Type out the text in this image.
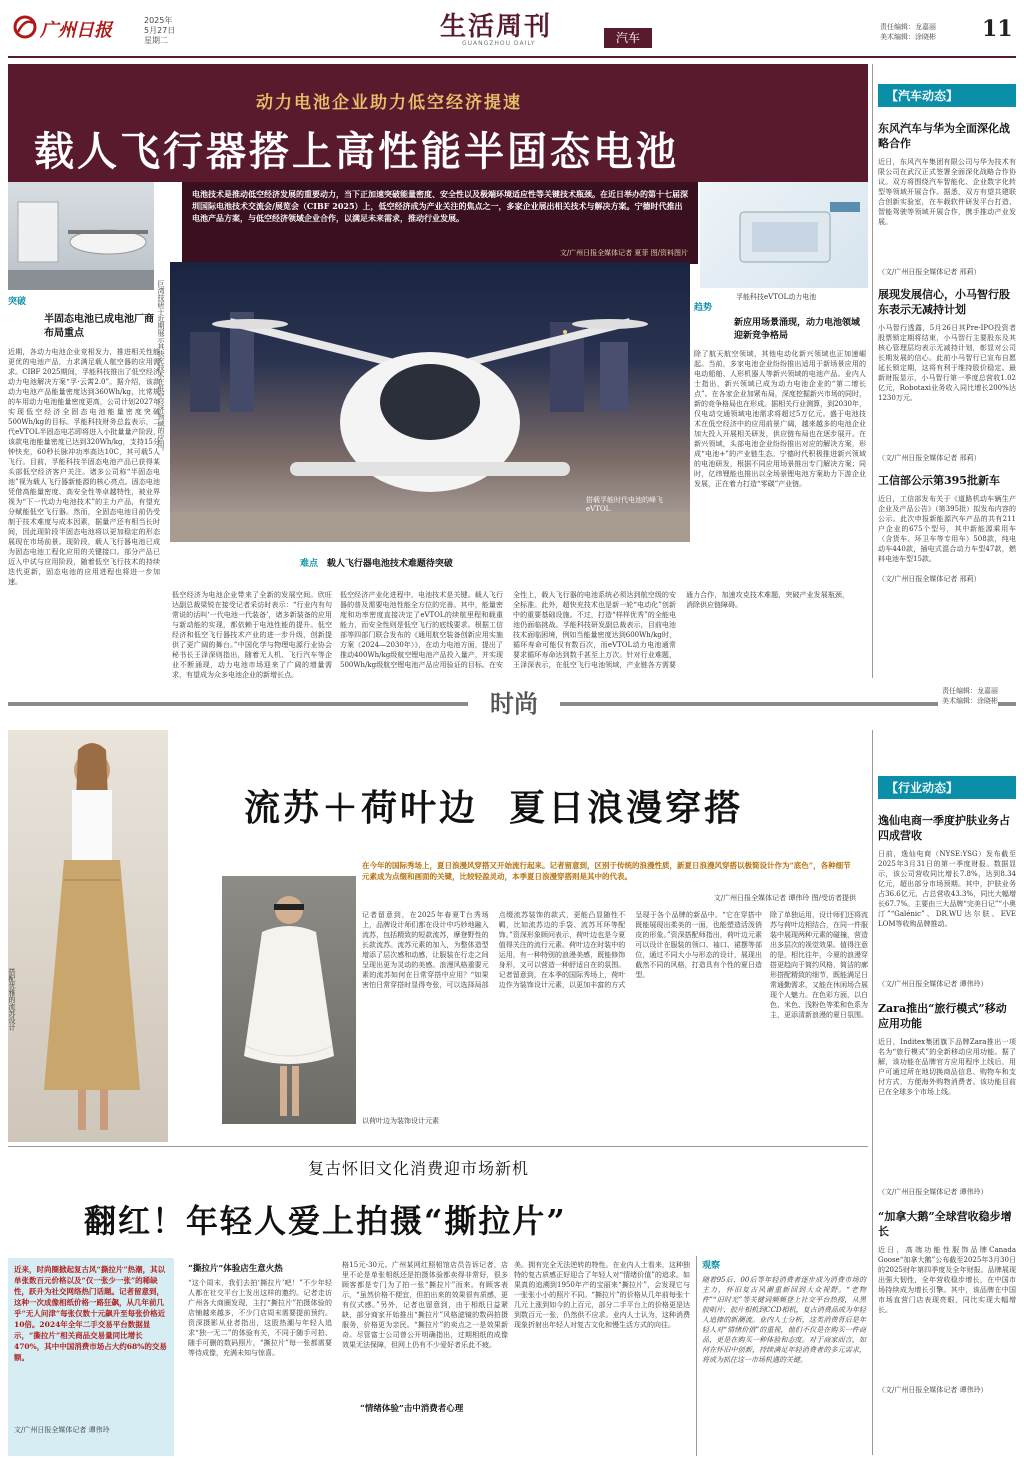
广州日报	2025年
5月27日
星期二	生活周刊
GUANGZHOU DAILY	汽车
责任编辑：龙嘉丽
美术编辑：涂晓彬 11
动力电池企业助力低空经济提速
载人飞行器搭上高性能半固态电池
巨湾技研于近期展示其快充技术在低空经济领域的应用。
电池技术是推动低空经济发展的重要动力，当下正加速突破能量密度、安全性以及极端环境适应性等关键技术瓶颈。在近日举办的第十七届深圳国际电池技术交流会/展览会（CIBF 2025）上，低空经济成为产业关注的焦点之一，多家企业展出相关技术与解决方案。宁德时代推出电池产品方案，与低空经济领域企业合作，以满足未来需求，推动行业发展。
文/广州日报全媒体记者 夏菲 图/资料图片
孚能科技eVTOL动力电池
搭载孚能时代电池的峰飞eVTOL
难点 载人飞行器电池技术难题待突破
突破
半固态电池已成电池厂商布局重点
近期，各动力电池企业竞相发力，推进相关性能更优的电池产品，力求满足载人航空器的应用需求。CIBF 2025期间，孚能科技推出了低空经济动力电池解决方案“孚·云霄2.0”。据介绍，该款动力电池产品能量密度达到360Wh/kg，比常规的车用动力电池能量密度更高，公司计划2027年实现低空经济全固态电池能量密度突破500Wh/kg的目标。孚能科技财务总监表示，二代eVTOL半固态电芯即将进入小批量量产阶段，该款电池能量密度已达到320Wh/kg，支持15分钟快充，60秒长脉冲功率高达10C，其可载5人飞行。目前，孚能科技半固态电池产品已获得某头部低空经济客户关注。诸多公司称“半固态电池”视为载人飞行器新能源的核心亮点。固态电池凭借高能量密度、高安全性等卓越特性，被业界视为“下一代动力电池技术”的主力产品，有望充分赋能低空飞行器。然而，全固态电池目前仍受制于技术难度与成本因素，据量产还有相当长时间，因此现阶段半固态电池将以更加稳定的形态展现在市场前景。现阶段，载人飞行器电池已成为固态电池工程化应用的关键接口。部分产品已迈入中试与应用阶段，随着低空飞行技术的持续迭代更新，固态电池的应用进程也将进一步加速。
低空经济为电池企业带来了全新的发展空间。欣旺达副总裁梁锐在接受记者采访时表示：“行业内有句常说的话叫‘一代电池一代装备’，诸多新装备的应用与新动能的实现，都依赖于电池性能的提升。低空经济和低空飞行器技术产业的进一步升级，创新提供了更广阔的舞台。”中国化学与物理电源行业协会秘书长王泽深则指出，随着无人机、飞行汽车等企业不断涌现，动力电池市场迎来了广阔的增量需求，有望成为众多电池企业的新增长点。
低空经济产业化进程中，电池技术是关键。载人飞行器的普及需要电池性能全方位的完善。其中，能量密度和功率密度直接决定了eVTOL的续航里程和载重能力，而安全性则是低空飞行的底线要求。根据工信部等四部门联合发布的《通用航空装备创新应用实施方案（2024—2030年）》，在动力电池方面，提出了推动400Wh/kg级航空锂电池产品投入量产，并实现500Wh/kg级航空锂电池产品应用验证的目标。在安全性上，载人飞行器的电池系统必须达到航空级的安全标准。此外，超快充技术也是新一轮“电动化”创新中的重要基础设施。不过，打造“样样优秀”的全能电池仍面临挑战。孚能科技研发副总裁表示，目前电池技术面临困境，例如当能量密度达到600Wh/kg时，循环寿命可能仅有数百次，而eVTOL动力电池通常要求循环寿命达到数千甚至上万次。针对行业难题，王泽深表示，在低空飞行电池领域，产业链各方需要通力合作，加速攻克技术难题，突破产业发展瓶颈，消除供应链障碍。
趋势
新应用场景涌现，动力电池领域迎新竞争格局
除了航天航空领域，其他电动化新兴领域也正加速崛起。当前，多家电池企业纷纷推出适用于新场景应用的电动船舶、人形机器人等新兴领域的电池产品。业内人士指出，新兴领域已成为动力电池企业的“第二增长点”。在各家企业加紧布局，深度挖掘新兴市场的同时，新的竞争格局也在形成。据相关行业测算，到2030年，仅电动交通领域电池需求将超过5万亿元。盛于电池技术在低空经济中的应用前景广阔，越来越多的电池企业加大投入开展相关研发，供应链布局也在逐步展开。在新兴领域，头部电池企业纷纷推出对应的解决方案，形成“电池+”的产业链生态。宁德时代积极推进新兴领域的电池研发，根据不同应用场景推出专门解决方案；同时，亿纬锂能也推出以全场景锂电池方案助力下游企业发展，正在着力打造“零碳”产业链。
【汽车动态】
东风汽车与华为全面深化战略合作
近日，东风汽车集团有限公司与华为技术有限公司在武汉正式签署全面深化战略合作协议。双方将围绕汽车智能化、企业数字化转型等领域开展合作。据悉，双方有望共建联合创新实验室，在车载软件研发平台打造、智能驾驶等领域开展合作，携手推动产业发展。
（文/广州日报全媒体记者 邢莉）
展现发展信心，小马智行股东表示无减持计划
小马智行透露，5月26日其Pre-IPO投资者股票锁定期将结束，小马智行主要股东及其核心管理层均表示无减持计划，彰显对公司长期发展的信心。此前小马智行已宣布自愿延长锁定期，这将有利于维持股价稳定。最新财报显示，小马智行第一季度总营收1.02亿元，Robotaxi业务收入同比增长200%达1230万元。
（文/广州日报全媒体记者 邢莉）
工信部公示第395批新车
近日，工信部发布关于《道路机动车辆生产企业及产品公告》（第395批）拟发布内容的公示。此次申报新能源汽车产品的共有211户企业的675个型号，其中新能源乘用车（含货车、环卫车等专用车）508款，纯电动车440款，插电式混合动力车型47款，燃料电池车型15款。
（文/广州日报全媒体记者 邢莉）
时尚	责任编辑：龙嘉丽
美术编辑：涂晓彬
搭配优雅的流苏设计
流苏＋荷叶边  夏日浪漫穿搭
以荷叶边为装饰设计元素
在今年的国际秀场上，夏日浪漫风穿搭又开始流行起来。记者留意到，区别于传统的浪漫性质，新夏日浪漫风穿搭以极简设计作为“底色”，各种细节元素成为点缀和画面的关键，比较轻盈灵动，本季夏日浪漫穿搭则是其中的代表。
文/广州日报全媒体记者 谭伟玲 图/受访者提供
记者留意到，在2025年春夏T台秀场上，品牌设计师们都在设计中巧妙地融入流苏，包括精致的短款流苏，摩登野性的长款流苏。流苏元素的加入，为整体造型增添了层次感和动感，让服装在行走之间呈现出更为灵动的美感。浪漫风格重要元素的流苏如何在日常穿搭中应用？“如果害怕日常穿搭时显得夸张，可以选择局部点缀流苏装饰的款式，更能凸显随性不羁，比如流苏边的手袋、流苏耳环等配饰。”资深形象顾问表示，荷叶边也是今夏值得关注的流行元素。荷叶边在时装中的运用，有一种特别的浪漫美感，既能修饰身形，又可以营造一种舒适自在的氛围。记者留意到，在本季的国际秀场上，荷叶边作为装饰设计元素，以更加丰富的方式呈现于各个品牌的新品中。“它在穿搭中既能展现出柔美的一面，也能塑造活泼俏皮的形象。”资深搭配师指出，荷叶边元素可以设计在服装的领口、袖口、裙摆等部位，通过不同大小与形态的设计，展现出截然不同的风格，打造具有个性的夏日造型。
除了单独运用，设计师们还将流苏与荷叶边相结合，在同一件服装中展现两种元素的碰撞，营造出多层次的视觉效果。值得注意的是，相比往年，今夏的浪漫穿搭更趋向于简约风格，简洁的廓形搭配精致的细节，既能满足日常通勤需求，又能在休闲场合展现个人魅力。在色彩方面，以白色、米色、浅粉色等柔和色系为主，更添清新浪漫的夏日氛围。
【行业动态】
逸仙电商一季度护肤业务占四成营收
日前，逸仙电商（NYSE:YSG）发布截至2025年3月31日的第一季度财报。数据显示，该公司营收同比增长7.8%，达到8.34亿元，超出部分市场预期。其中，护肤业务占36.6亿元，占总营收43.3%，同比大幅增长67.7%。主要由三大品牌“完美日记”“小奥汀”“Galénic”、DR.WU达尔肤、EVE LOM等收购品牌推动。
（文/广州日报全媒体记者 谭伟玲）
Zara推出“旅行模式”移动应用功能
近日，Inditex集团旗下品牌Zara推出一项名为“旅行模式”的全新移动应用功能。据了解，该功能在品牌官方应用程序上线后，用户可通过所在地切换商品信息、购物车和支付方式，方便海外购物消费者。该功能目前已在全球多个市场上线。
（文/广州日报全媒体记者 谭伟玲）
“加拿大鹅”全球营收稳步增长
近日，高端功能性服饰品牌Canada Goose“加拿大鹅”公布截至2025年3月30日的2025财年第四季度及全年财报。品牌展现出强大韧性，全年营收稳步增长，在中国市场持续成为增长引擎。其中，该品牌在中国市场直营门店表现亮眼，同比实现大幅增长。
（文/广州日报全媒体记者 谭伟玲）
复古怀旧文化消费迎市场新机
翻红！年轻人爱上拍摄“撕拉片”
近来，时尚圈掀起复古风“撕拉片”热潮，其以单张数百元价格以及“仅一张少一张”的稀缺性，跃升为社交网络热门话题。记者留意到，这种一次成像相纸价格一路狂飙，从几年前几乎“无人问津”每张仅数十元飙升至每张价格近10倍。2024年全年二手交易平台数据显示，“撕拉片”相关商品交易量同比增长470%，其中中国消费市场占大约68%的交易额。
文/广州日报全媒体记者 谭伟玲
“撕拉片”体验店生意火热
“这个周末，我们去拍‘撕拉片’吧！”不少年轻人都在社交平台上发出这样的邀约。记者走访广州各大商圈发现，主打“撕拉片”拍摄体验的店铺越来越多，不少门店周末需要提前预约。资深摄影从业者指出，这股热潮与年轻人追求“独一无二”的体验有关，不同于随手可拍、随手可删的数码照片，“撕拉片”每一张都需要等待成像，充满未知与惊喜。
格15元-30元。广州某网红照相馆店员告诉记者，店里不论是单张相纸还是拍摄体验都卖得非常好，很多顾客都是专门为了拍一张“撕拉片”而来。有顾客表示，“虽然价格不便宜，但拍出来的效果很有质感，更有仪式感。”另外，记者也留意到，由于相纸日益紧缺，部分商家开始推出“撕拉片”风格滤镜的数码拍摄服务，价格更为亲民。“撕拉片”的卖点之一是效果新奇。尽管富士公司曾公开明确指出，过期相纸的成像效果无法保障，但网上仍有不少爱好者乐此不疲。
“情绪体验”击中消费者心理
美。拥有完全无法逆转的特性。在业内人士看来，这种独特的复古质感正好迎合了年轻人对“情绪价值”的追求。如果真的追溯到1950年产的宝丽来“撕拉片”，会发现它与一张张小小的照片不同。“撕拉片”的价格从几年前每张十几元上涨到如今的上百元，部分二手平台上的价格更是达到数百元一张，仍然供不应求。业内人士认为，这种消费现象折射出年轻人对复古文化和慢生活方式的向往。
观察
随着95后、00后等年轻消费者逐步成为消费市场的主力，怀旧复古风潮重新回到大众视野。“老物件”“旧时光”等关键词频频登上社交平台热搜，从黑胶唱片、胶片相机到CCD相机，复古消费品成为年轻人追捧的新潮流。业内人士分析，这类消费背后是年轻人对“情绪价值”的重视，他们不仅是在购买一件商品，更是在购买一种体验和态度。对于商家而言，如何在怀旧中创新，持续满足年轻消费者的多元需求，将成为抓住这一市场机遇的关键。
